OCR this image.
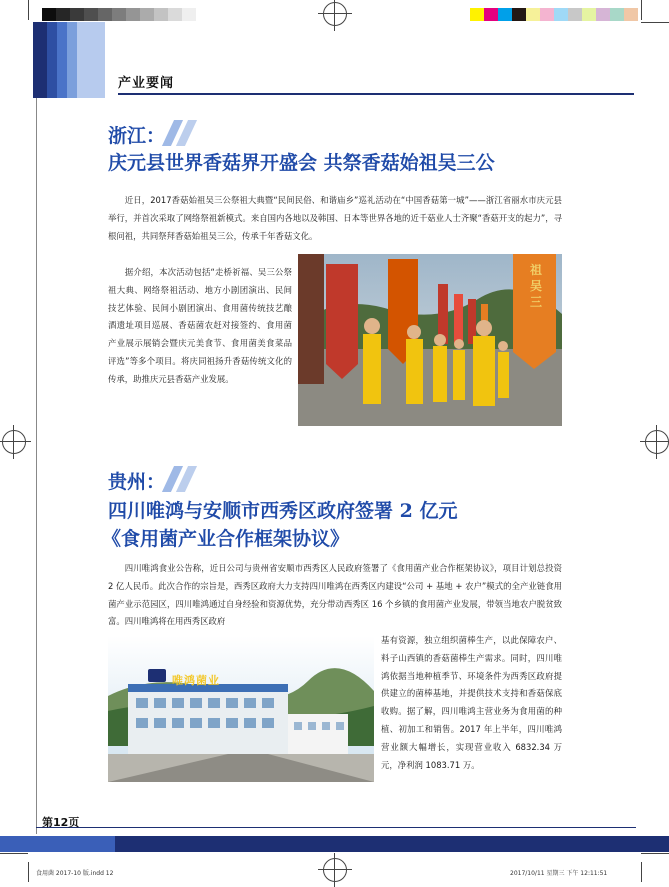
产业要闻
浙江：
庆元县世界香菇界开盛会 共祭香菇始祖吴三公

近日，2017香菇始祖吴三公祭祖大典暨“民间民俗、和谐庙乡”巡礼活动在“中国香菇第一城”——浙江省丽水市庆元县举行，并首次采取了网络祭祖新模式。来自国内各地以及韩国、日本等世界各地的近千菇业人士齐聚“香菇开支的起力”，寻根问祖，共同祭拜香菇始祖吴三公，传承千年香菇文化。

据介绍，本次活动包括“走桥祈福、吴三公祭祖大典、网络祭祖活动、地方小剧团演出、民间技艺体验、民间小剧团演出、食用菌传统技艺酿酒遗址项目巡展、香菇菌农赶对接签约、食用菌产业展示展销会暨庆元美食节、食用菌美食菜品评选”等多个项目。将庆同祖扬升香菇传统文化的传承，助推庆元县香菇产业发展。

祖吴三
贵州：
四川唯鸿与安顺市西秀区政府签署 2 亿元
《食用菌产业合作框架协议》

四川唯鸿食业公告称，近日公司与贵州省安顺市西秀区人民政府签署了《食用菌产业合作框架协议》，项目计划总投资 2 亿人民币。此次合作的宗旨是，西秀区政府大力支持四川唯鸿在西秀区内建设“公司 + 基地 + 农户”模式的全产业链食用菌产业示范园区，四川唯鸿通过自身经验和资源优势，充分带动西秀区 16 个乡镇的食用菌产业发展，带领当地农户脱贫致富。四川唯鸿将在用西秀区政府

基有资源，独立组织菌棒生产，以此保障农户、料子山西镇的香菇菌棒生产需求。同时，四川唯鸿依据当地种植季节、环境条件为西秀区政府提供建立的菌棒基地，并提供技术支持和香菇保底收购。据了解，四川唯鸿主营业务为食用菌的种植、初加工和销售。2017 年上半年，四川唯鸿营业额大幅增长，实现营业收入 6832.34 万元，净利润 1083.71 万。

唯鸿菌业
第12页
食用菌 2017-10 版.indd 12	2017/10/11 星期三 下午 12:11:51
